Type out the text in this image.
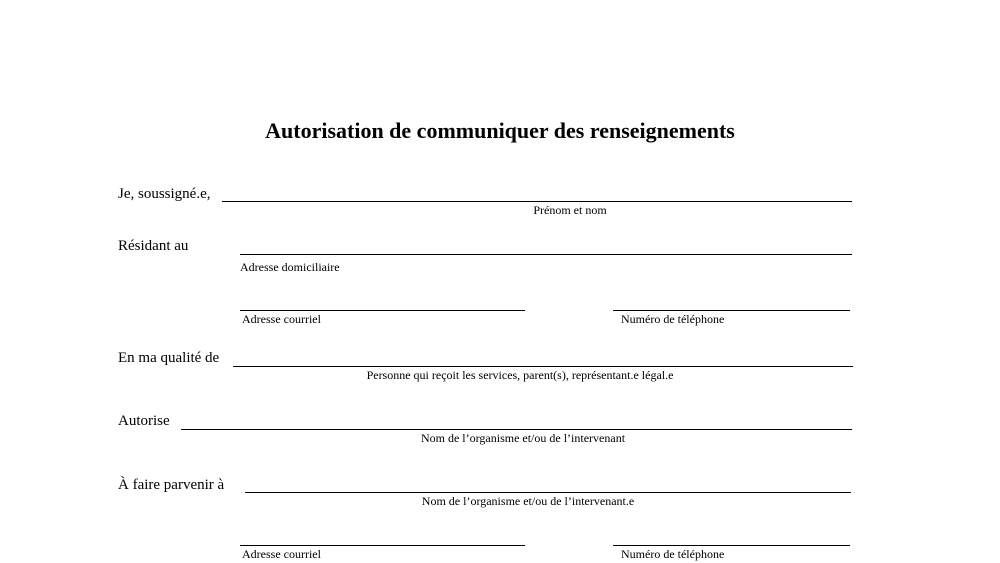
Autorisation de communiquer des renseignements
Je, soussigné.e,
Prénom et nom
Résidant au
Adresse domiciliaire
Adresse courriel	Numéro de téléphone
En ma qualité de
Personne qui reçoit les services, parent(s), représentant.e légal.e
Autorise
Nom de l’organisme et/ou de l’intervenant
À faire parvenir à
Nom de l’organisme et/ou de l’intervenant.e
Adresse courriel	Numéro de téléphone
